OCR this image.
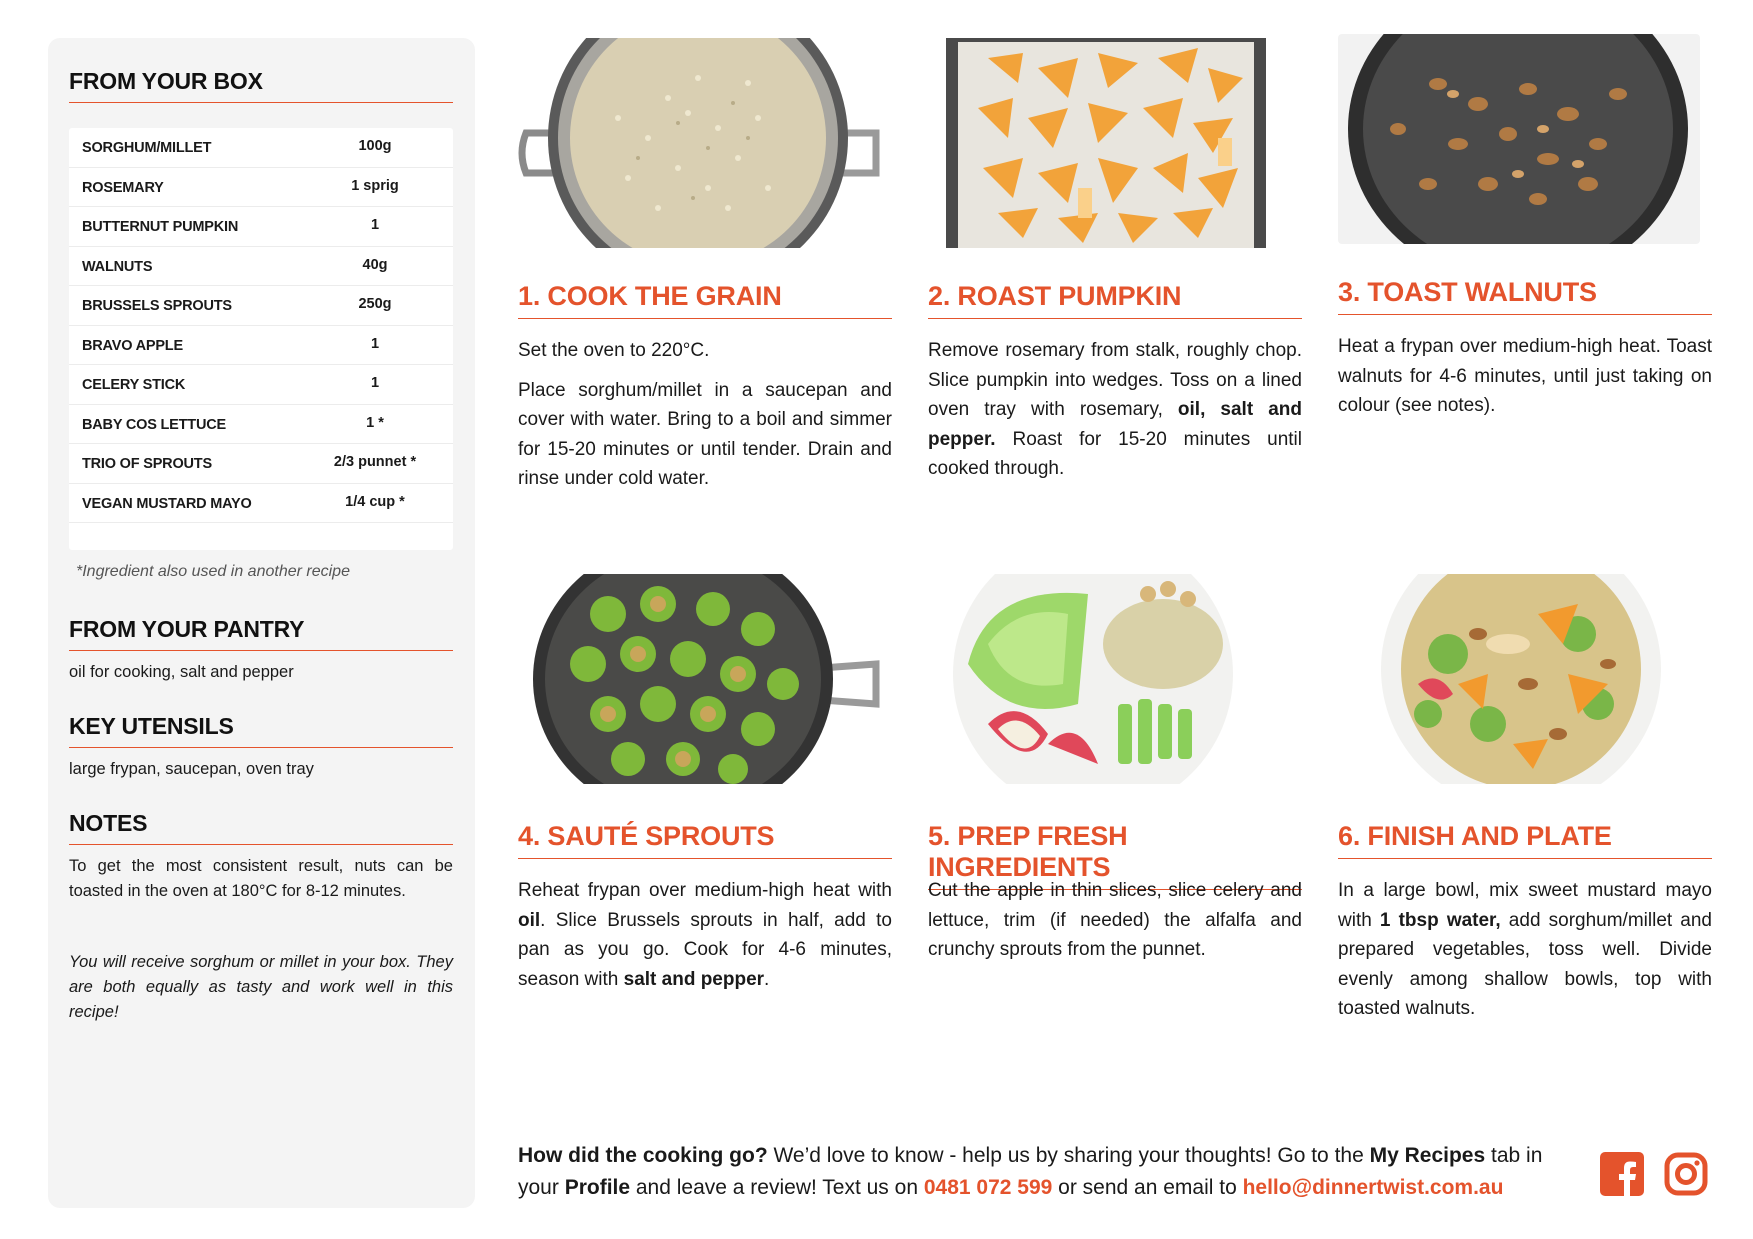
FROM YOUR BOX
SORGHUM/MILLET	100g
ROSEMARY	1 sprig
BUTTERNUT PUMPKIN	1
WALNUTS	40g
BRUSSELS SPROUTS	250g
BRAVO APPLE	1
CELERY STICK	1
BABY COS LETTUCE	1 *
TRIO OF SPROUTS	2/3 punnet *
VEGAN MUSTARD MAYO	1/4 cup *
*Ingredient also used in another recipe
FROM YOUR PANTRY
oil for cooking, salt and pepper
KEY UTENSILS
large frypan, saucepan, oven tray
NOTES
To get the most consistent result, nuts can be toasted in the oven at 180°C for 8-12 minutes.
You will receive sorghum or millet in your box. They are both equally as tasty and work well in this recipe!
1. COOK THE GRAIN

Set the oven to 220°C.

Place sorghum/millet in a saucepan and cover with water. Bring to a boil and simmer for 15-20 minutes or until tender. Drain and rinse under cold water.

2. ROAST PUMPKIN

Remove rosemary from stalk, roughly chop. Slice pumpkin into wedges. Toss on a lined oven tray with rosemary, oil, salt and pepper. Roast for 15-20 minutes until cooked through.

3. TOAST WALNUTS

Heat a frypan over medium-high heat. Toast walnuts for 4-6 minutes, until just taking on colour (see notes).

4. SAUTÉ SPROUTS

Reheat frypan over medium-high heat with oil. Slice Brussels sprouts in half, add to pan as you go. Cook for 4-6 minutes, season with salt and pepper.

5. PREP FRESH INGREDIENTS

Cut the apple in thin slices, slice celery and lettuce, trim (if needed) the alfalfa and crunchy sprouts from the punnet.

6. FINISH AND PLATE

In a large bowl, mix sweet mustard mayo with 1 tbsp water, add sorghum/millet and prepared vegetables, toss well. Divide evenly among shallow bowls, top with toasted walnuts.

How did the cooking go? We’d love to know - help us by sharing your thoughts! Go to the My Recipes tab in your Profile and leave a review! Text us on 0481 072 599 or send an email to hello@dinnertwist.com.au
